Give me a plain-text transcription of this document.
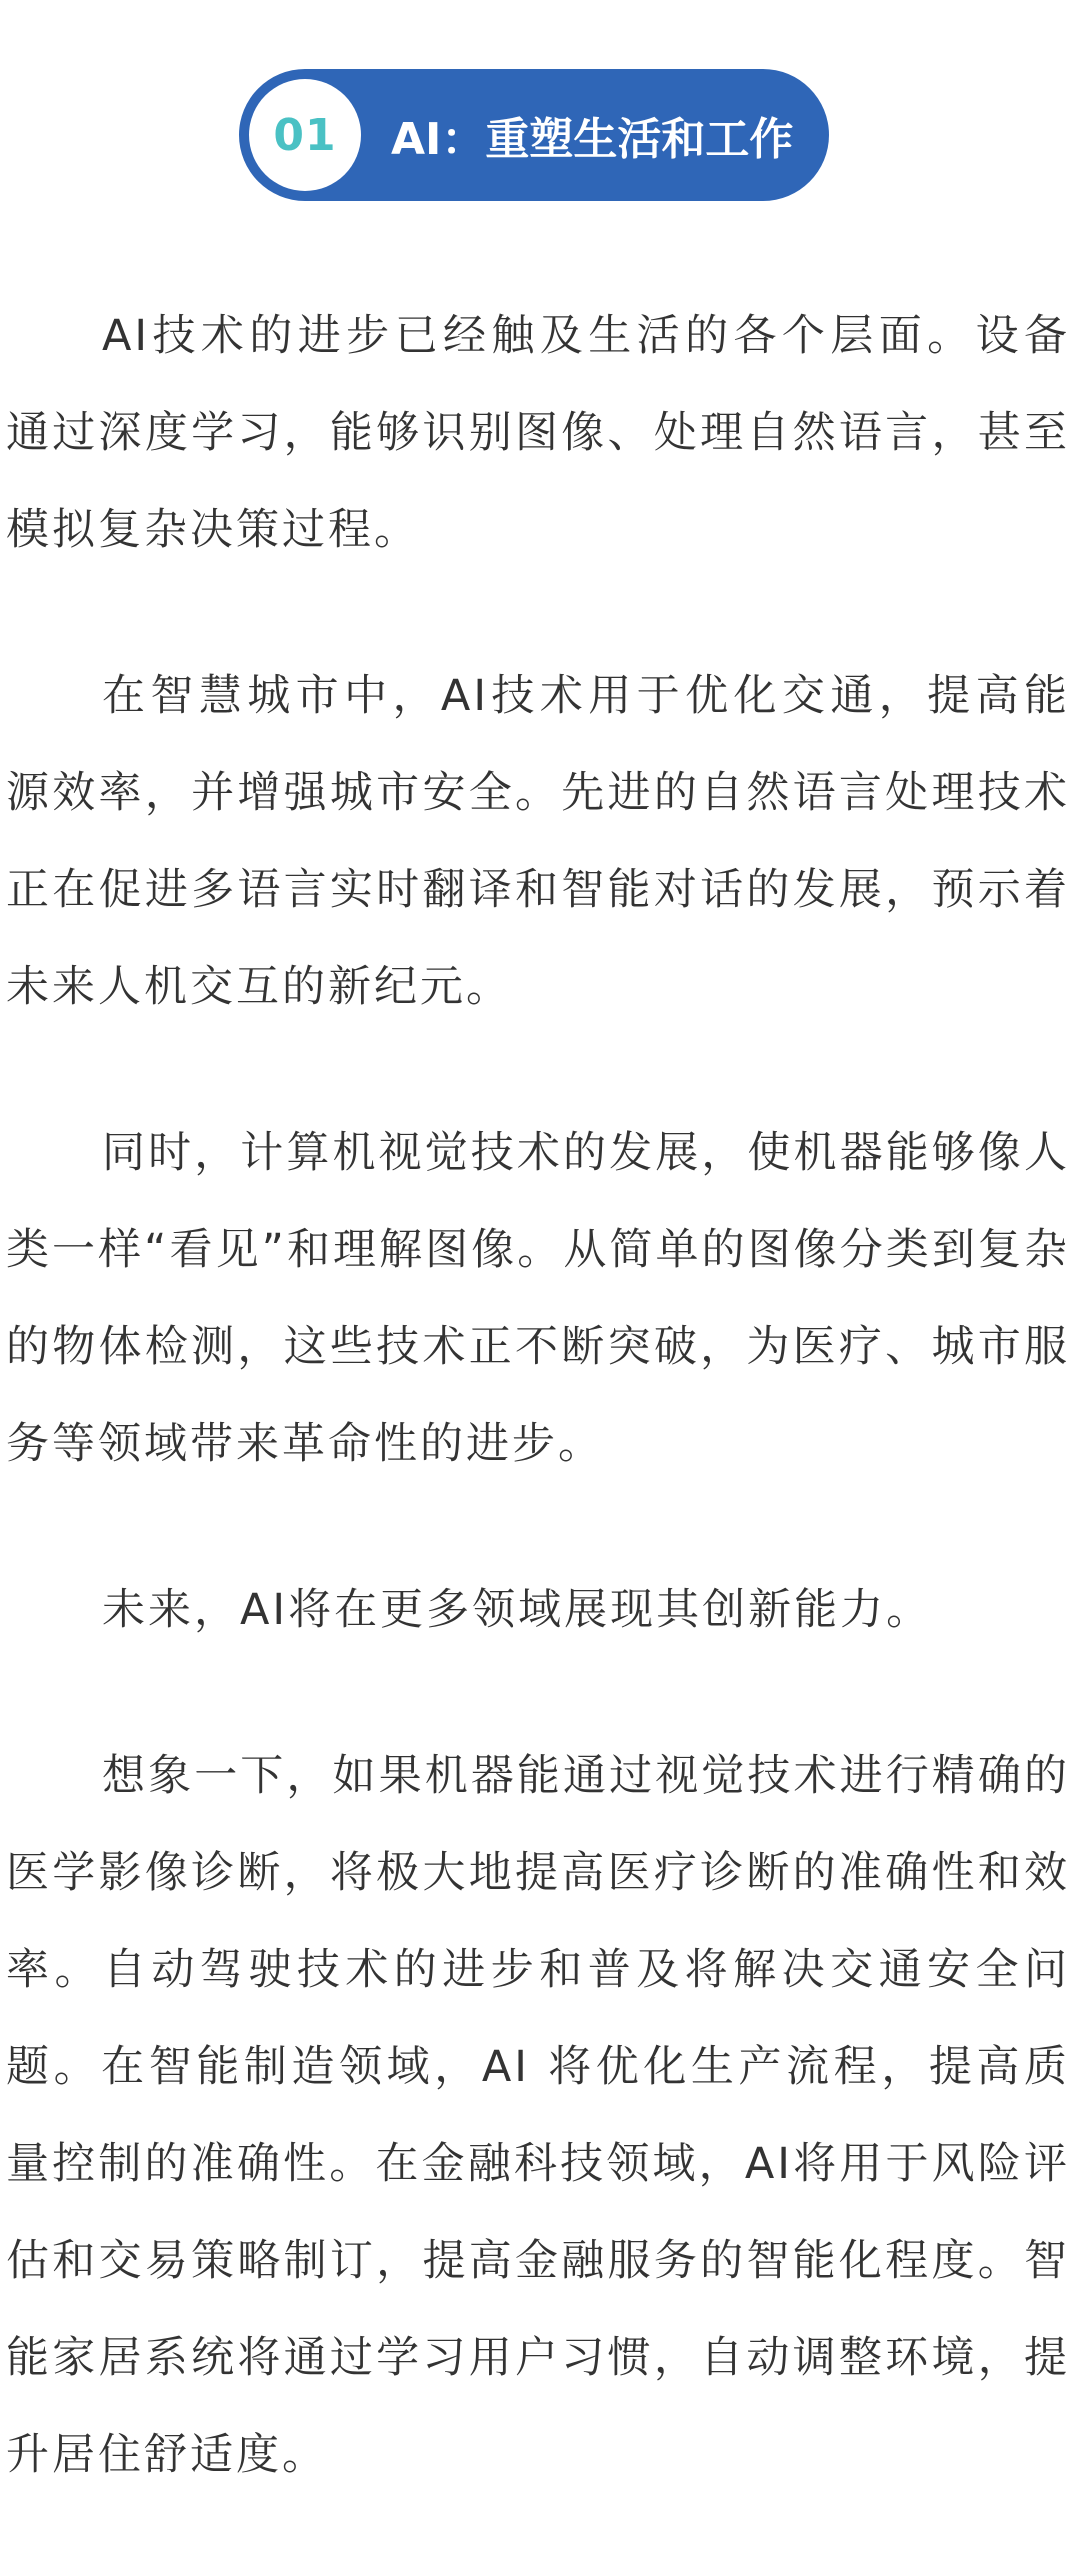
01	AI：重塑生活和工作

AI技术的进步已经触及生活的各个层面。设备通过深度学习，能够识别图像、处理自然语言，甚至模拟复杂决策过程。

在智慧城市中，AI技术用于优化交通，提高能源效率，并增强城市安全。先进的自然语言处理技术正在促进多语言实时翻译和智能对话的发展，预示着未来人机交互的新纪元。

同时，计算机视觉技术的发展，使机器能够像人类一样“看见”和理解图像。从简单的图像分类到复杂的物体检测，这些技术正不断突破，为医疗、城市服务等领域带来革命性的进步。

未来，AI将在更多领域展现其创新能力。

想象一下，如果机器能通过视觉技术进行精确的医学影像诊断，将极大地提高医疗诊断的准确性和效率。自动驾驶技术的进步和普及将解决交通安全问题。在智能制造领域，AI 将优化生产流程，提高质量控制的准确性。在金融科技领域，AI将用于风险评估和交易策略制订，提高金融服务的智能化程度。智能家居系统将通过学习用户习惯，自动调整环境，提升居住舒适度。
